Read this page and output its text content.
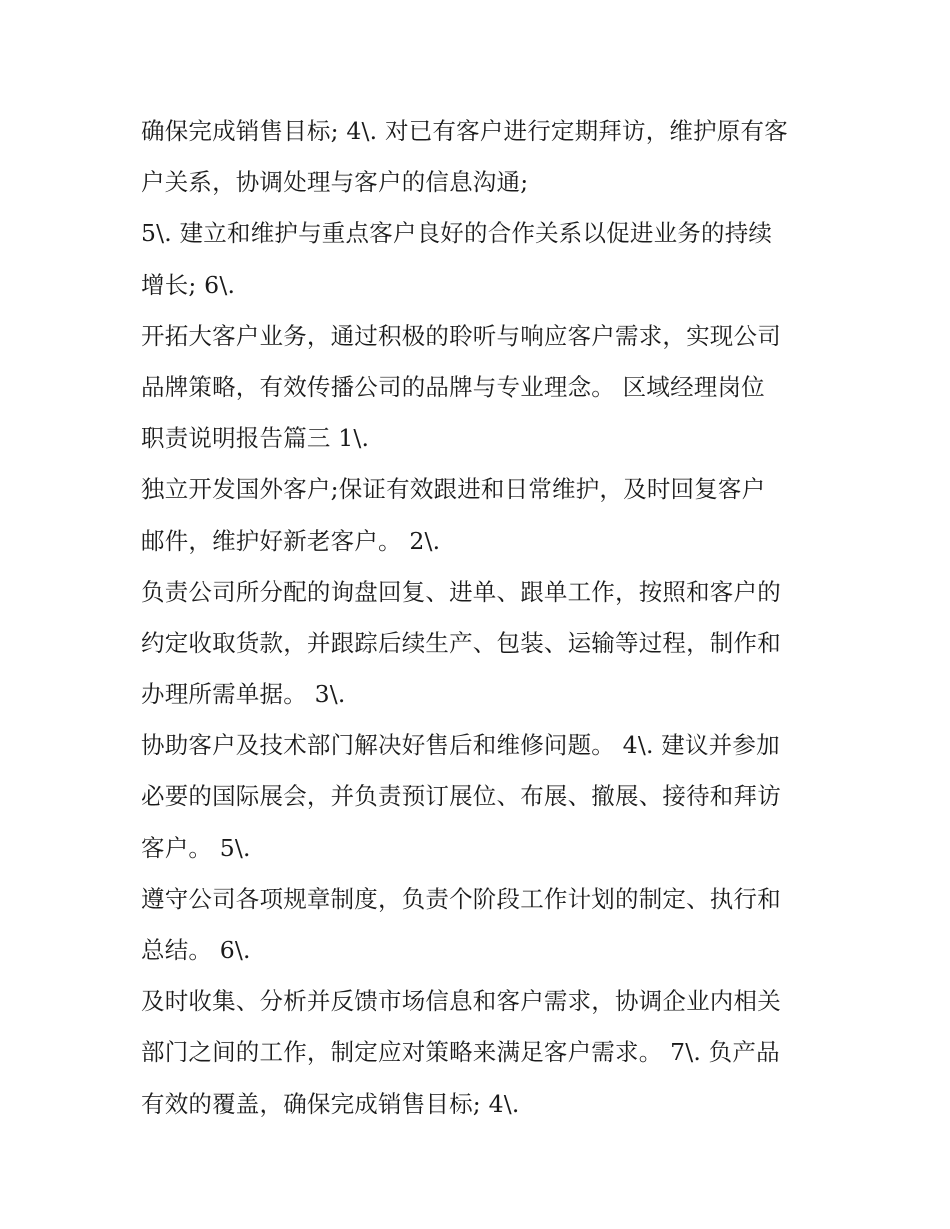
确保完成销售目标; 4\. 对已有客户进行定期拜访，维护原有客

户关系，协调处理与客户的信息沟通;

5\. 建立和维护与重点客户良好的合作关系以促进业务的持续

增长; 6\.

开拓大客户业务，通过积极的聆听与响应客户需求，实现公司

品牌策略，有效传播公司的品牌与专业理念。 区域经理岗位

职责说明报告篇三 1\.

独立开发国外客户;保证有效跟进和日常维护，及时回复客户

邮件，维护好新老客户。 2\.

负责公司所分配的询盘回复、进单、跟单工作，按照和客户的

约定收取货款，并跟踪后续生产、包装、运输等过程，制作和

办理所需单据。 3\.

协助客户及技术部门解决好售后和维修问题。 4\. 建议并参加

必要的国际展会，并负责预订展位、布展、撤展、接待和拜访

客户。 5\.

遵守公司各项规章制度，负责个阶段工作计划的制定、执行和

总结。 6\.

及时收集、分析并反馈市场信息和客户需求，协调企业内相关

部门之间的工作，制定应对策略来满足客户需求。 7\. 负产品

有效的覆盖，确保完成销售目标; 4\.
